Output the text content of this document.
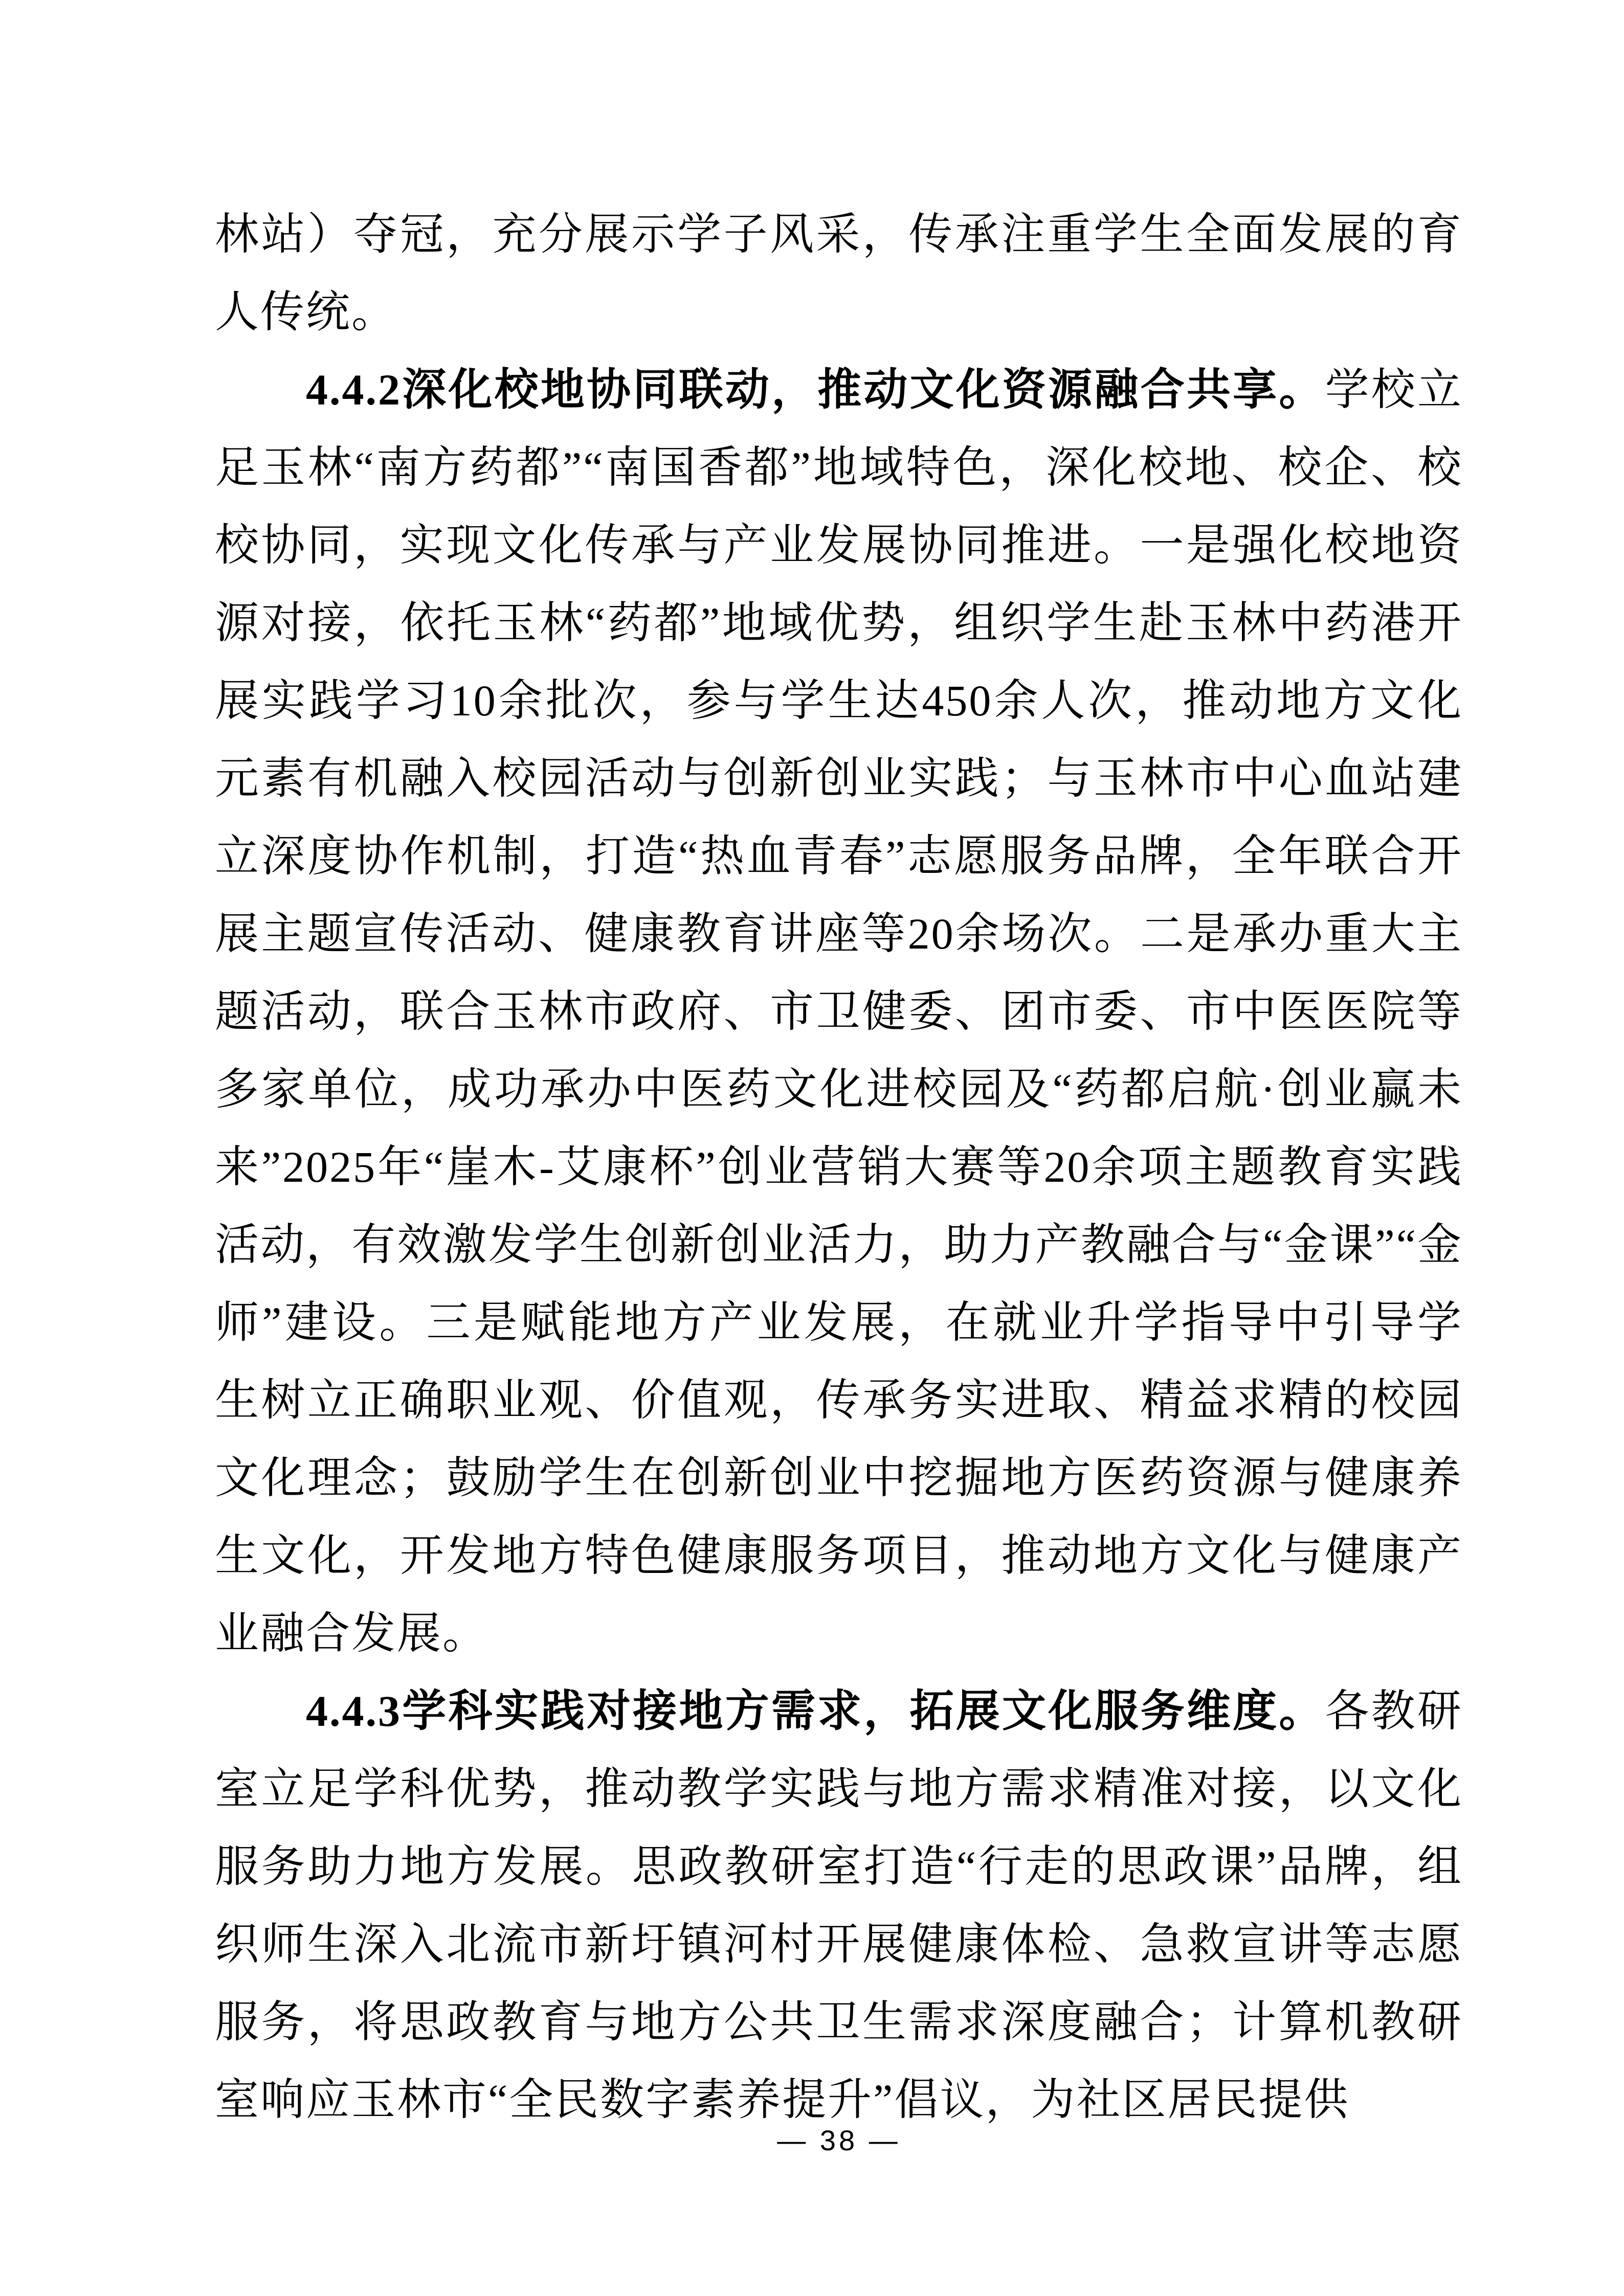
林站）夺冠，充分展示学子风采，传承注重学生全面发展的育人传统。

4.4.2深化校地协同联动，推动文化资源融合共享。学校立足玉林“南方药都”“南国香都”地域特色，深化校地、校企、校校协同，实现文化传承与产业发展协同推进。一是强化校地资源对接，依托玉林“药都”地域优势，组织学生赴玉林中药港开展实践学习10余批次，参与学生达450余人次，推动地方文化元素有机融入校园活动与创新创业实践；与玉林市中心血站建立深度协作机制，打造“热血青春”志愿服务品牌，全年联合开展主题宣传活动、健康教育讲座等20余场次。二是承办重大主题活动，联合玉林市政府、市卫健委、团市委、市中医医院等多家单位，成功承办中医药文化进校园及“药都启航·创业赢未来”2025年“崖木-艾康杯”创业营销大赛等20余项主题教育实践活动，有效激发学生创新创业活力，助力产教融合与“金课”“金师”建设。三是赋能地方产业发展，在就业升学指导中引导学生树立正确职业观、价值观，传承务实进取、精益求精的校园文化理念；鼓励学生在创新创业中挖掘地方医药资源与健康养生文化，开发地方特色健康服务项目，推动地方文化与健康产业融合发展。

4.4.3学科实践对接地方需求，拓展文化服务维度。各教研室立足学科优势，推动教学实践与地方需求精准对接，以文化服务助力地方发展。思政教研室打造“行走的思政课”品牌，组织师生深入北流市新圩镇河村开展健康体检、急救宣讲等志愿服务，将思政教育与地方公共卫生需求深度融合；计算机教研室响应玉林市“全民数字素养提升”倡议，为社区居民提供

— 38 —
